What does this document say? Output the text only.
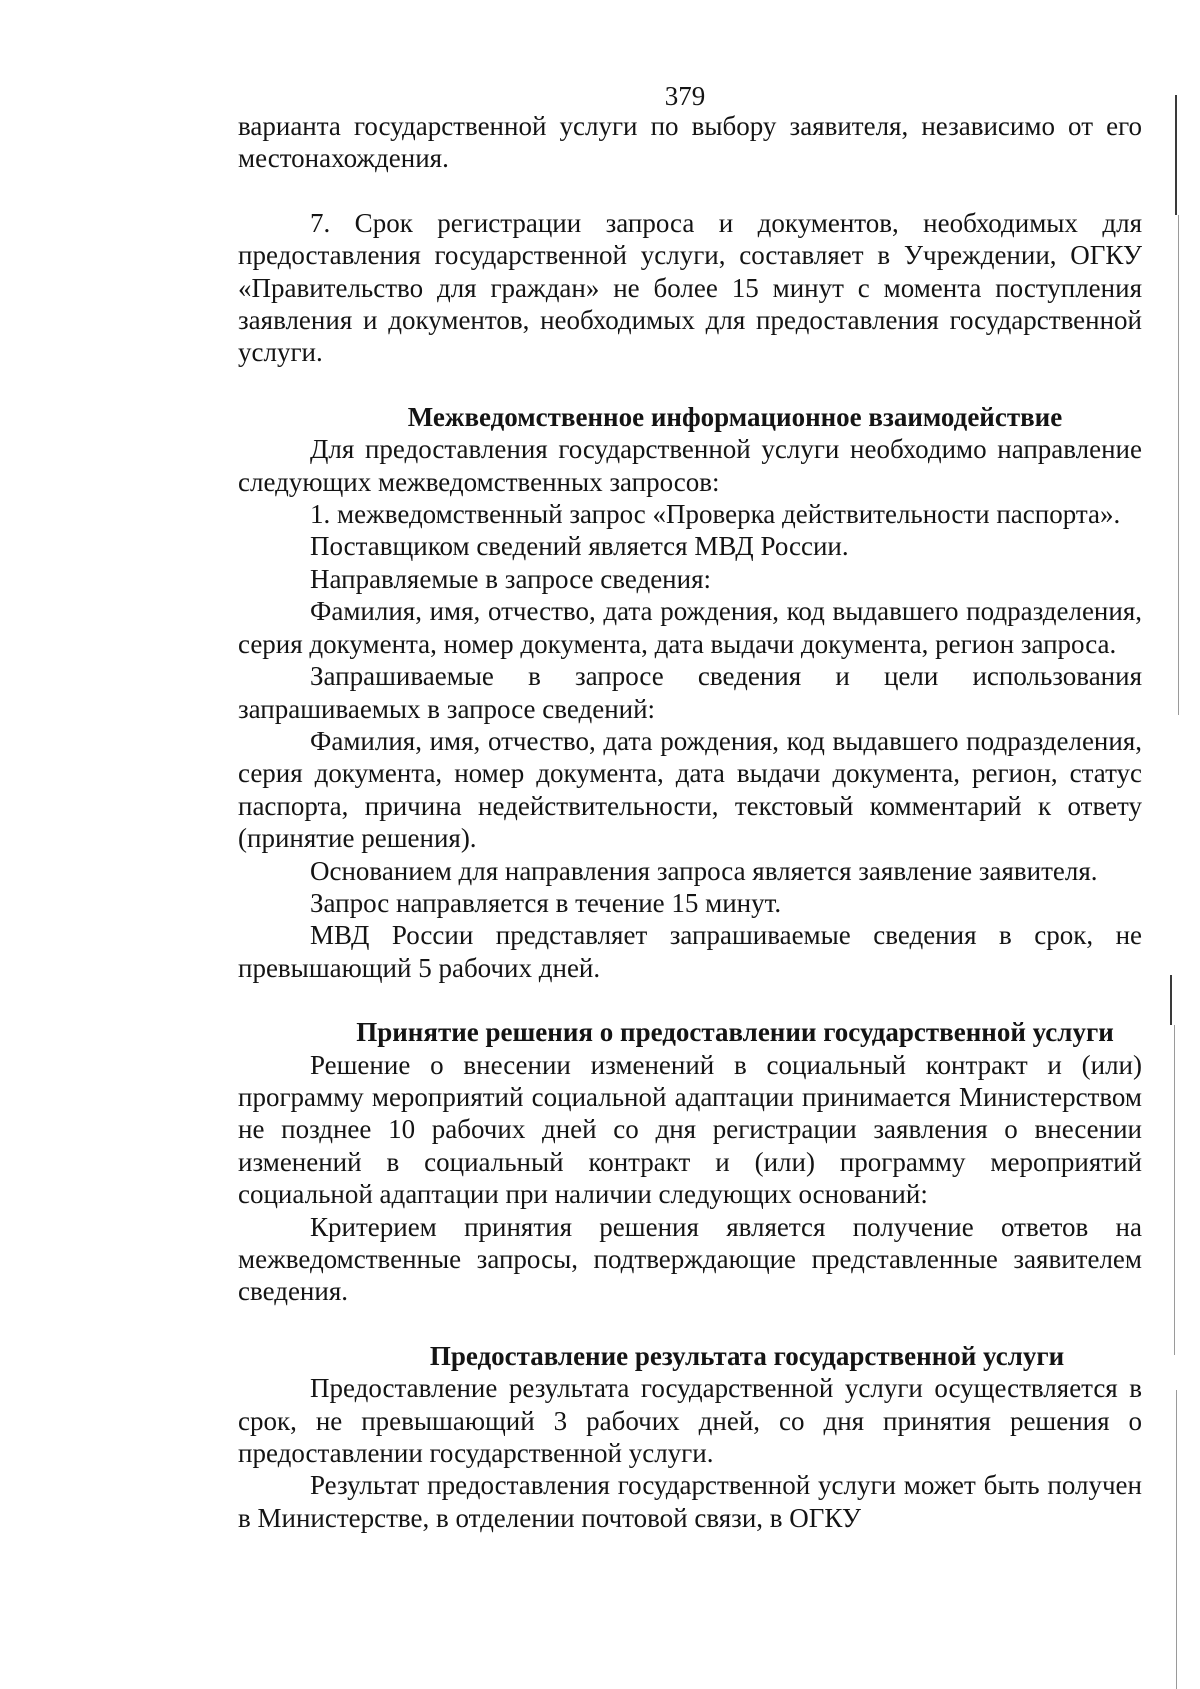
379

варианта государственной услуги по выбору заявителя, независимо от его местонахождения.

7. Срок регистрации запроса и документов, необходимых для предоставления государственной услуги, составляет в Учреждении, ОГКУ «Правительство для граждан» не более 15 минут с момента поступления заявления и документов, необходимых для предоставления государственной услуги.

Межведомственное информационное взаимодействие

Для предоставления государственной услуги необходимо направление следующих межведомственных запросов:

1. межведомственный запрос «Проверка действительности паспорта».

Поставщиком сведений является МВД России.

Направляемые в запросе сведения:

Фамилия, имя, отчество, дата рождения, код выдавшего подразделения, серия документа, номер документа, дата выдачи документа, регион запроса.

Запрашиваемые в запросе сведения и цели использования запрашиваемых в запросе сведений:

Фамилия, имя, отчество, дата рождения, код выдавшего подразделения, серия документа, номер документа, дата выдачи документа, регион, статус паспорта, причина недействительности, текстовый комментарий к ответу (принятие решения).

Основанием для направления запроса является заявление заявителя.

Запрос направляется в течение 15 минут.

МВД России представляет запрашиваемые сведения в срок, не превышающий 5 рабочих дней.

Принятие решения о предоставлении государственной услуги

Решение о внесении изменений в социальный контракт и (или) программу мероприятий социальной адаптации принимается Министерством не позднее 10 рабочих дней со дня регистрации заявления о внесении изменений в социальный контракт и (или) программу мероприятий социальной адаптации при наличии следующих оснований:

Критерием принятия решения является получение ответов на межведомственные запросы, подтверждающие представленные заявителем сведения.

Предоставление результата государственной услуги

Предоставление результата государственной услуги осуществляется в срок, не превышающий 3 рабочих дней, со дня принятия решения о предоставлении государственной услуги.

Результат предоставления государственной услуги может быть получен в Министерстве, в отделении почтовой связи, в ОГКУ
